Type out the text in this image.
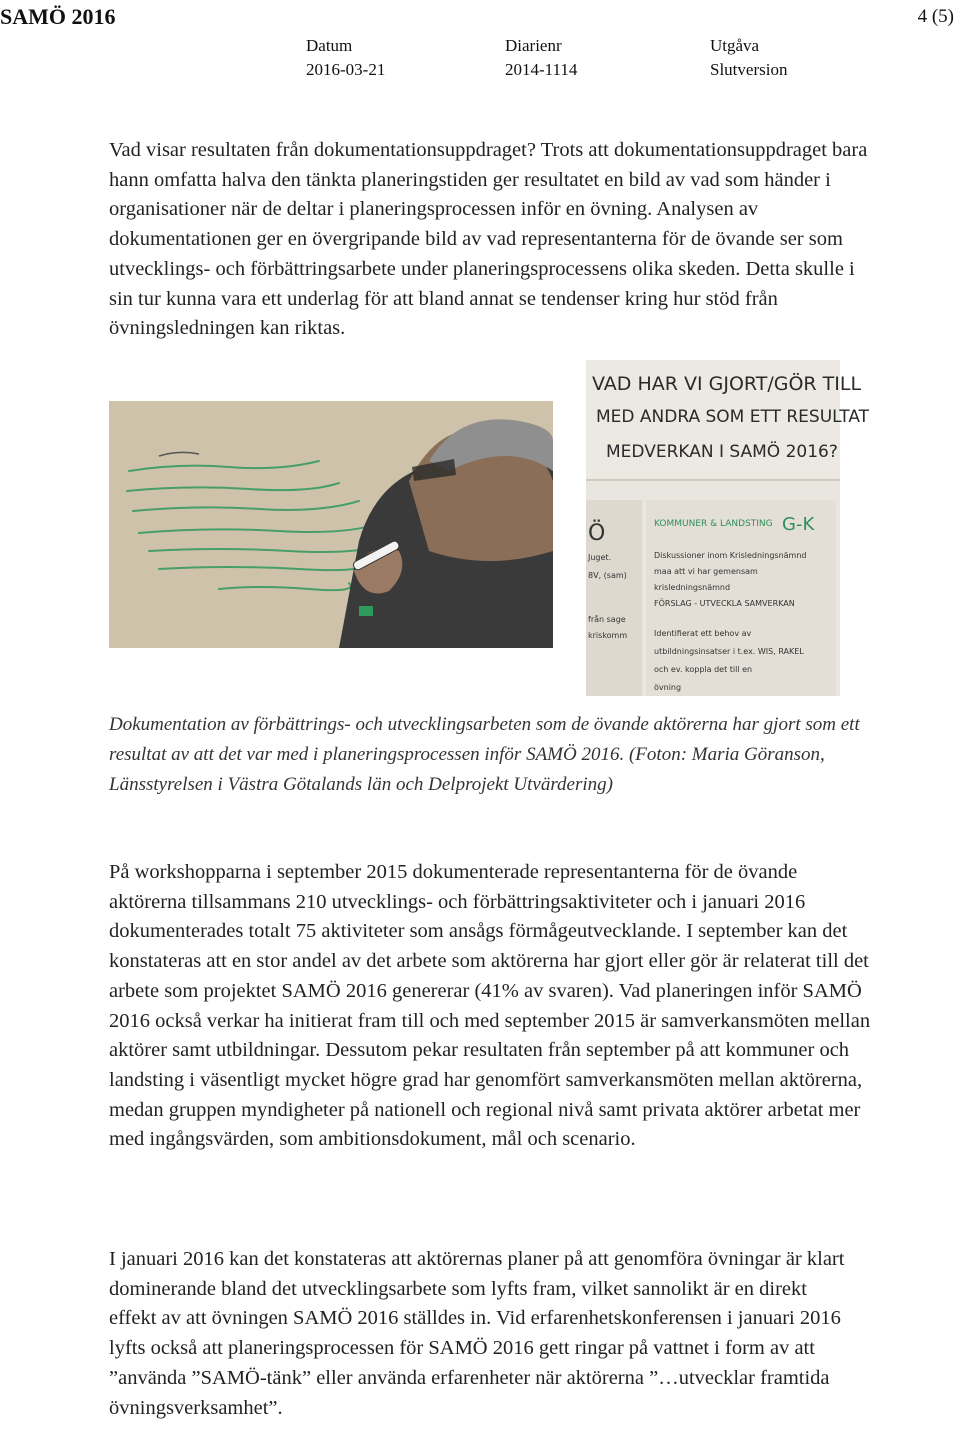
SAMÖ 2016	4 (5)
Datum
2016-03-21
Diarienr
2014-1114
Utgåva
Slutversion

Vad visar resultaten från dokumentationsuppdraget? Trots att dokumentationsuppdraget bara hann omfatta halva den tänkta planeringstiden ger resultatet en bild av vad som händer i organisationer när de deltar i planeringsprocessen inför en övning. Analysen av dokumentationen ger en övergripande bild av vad representanterna för de övande ser som utvecklings- och förbättringsarbete under planeringsprocessens olika skeden. Detta skulle i sin tur kunna vara ett underlag för att bland annat se tendenser kring hur stöd från övningsledningen kan riktas.

VAD HAR VI GJORT/GÖR TILL
MED ANDRA SOM ETT RESULTAT
MEDVERKAN I SAMÖ 2016?
KOMMUNER & LANDSTING G-K
Diskussioner inom Krisledningsnämnd
maa att vi har gemensam
krisledningsnämnd
FÖRSLAG - UTVECKLA SAMVERKAN
Identifierat ett behov av
utbildningsinsatser i t.ex. WIS, RAKEL
och ev. koppla det till en
övning
Ö
Juget.
8V, (sam)
från sage
kriskomm

Dokumentation av förbättrings- och utvecklingsarbeten som de övande aktörerna har gjort som ett resultat av att det var med i planeringsprocessen inför SAMÖ 2016. (Foton: Maria Göranson, Länsstyrelsen i Västra Götalands län och Delprojekt Utvärdering)

På workshopparna i september 2015 dokumenterade representanterna för de övande aktörerna tillsammans 210 utvecklings- och förbättringsaktiviteter och i januari 2016 dokumenterades totalt 75 aktiviteter som ansågs förmågeutvecklande. I september kan det konstateras att en stor andel av det arbete som aktörerna har gjort eller gör är relaterat till det arbete som projektet SAMÖ 2016 genererar (41% av svaren). Vad planeringen inför SAMÖ 2016 också verkar ha initierat fram till och med september 2015 är samverkansmöten mellan aktörer samt utbildningar. Dessutom pekar resultaten från september på att kommuner och landsting i väsentligt mycket högre grad har genomfört samverkansmöten mellan aktörerna, medan gruppen myndigheter på nationell och regional nivå samt privata aktörer arbetat mer med ingångsvärden, som ambitionsdokument, mål och scenario.

I januari 2016 kan det konstateras att aktörernas planer på att genomföra övningar är klart dominerande bland det utvecklingsarbete som lyfts fram, vilket sannolikt är en direkt effekt av att övningen SAMÖ 2016 ställdes in. Vid erfarenhetskonferensen i januari 2016 lyfts också att planeringsprocessen för SAMÖ 2016 gett ringar på vattnet i form av att ”använda ”SAMÖ-tänk” eller använda erfarenheter när aktörerna ”…utvecklar framtida övningsverksamhet”.
